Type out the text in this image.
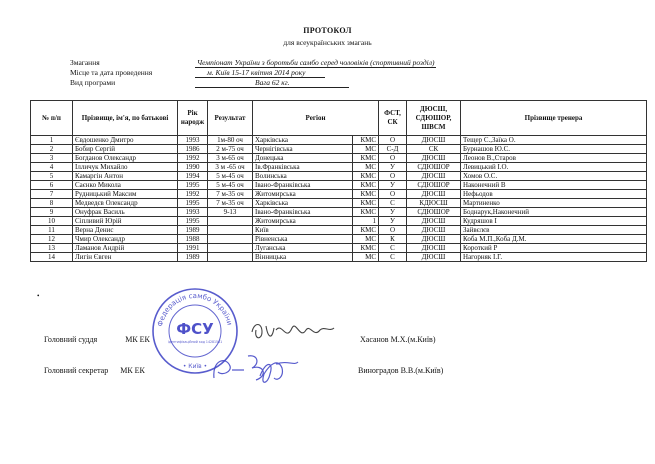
ПРОТОКОЛ
для всеукраїнських змагань
Змагання	Чемпіонат України з боротьби самбо серед чоловіків (спортивний розділ)
Місце та дата проведення	м. Київ 15-17 квітня 2014 року
Вид програми	Вага 62 кг.
№ п/п	Прізвище, ім'я, по батькові	Рік народж	Результат	Регіон		ФСТ, СК	ДЮСШ, СДЮШОР, ШВСМ	Прізвище тренера
1	Євдошенко Дмитро	1993	1м-80 оч	Харківська	КМС	О	ДЮСШ	Тещер С.,Заїка О.
2	Бобир Сергій	1986	2 м-75 оч	Чернігівська	МС	С-Д	СК	Бурнашов Ю.С.
3	Богданов Олександр	1992	3 м-65 оч	Донецька	КМС	О	ДЮСШ	Леонов В.,Старов
4	Ілличук Михайло	1990	3 м -65 оч	Ів.Франківська	МС	У	СДЮШОР	Левицький І.О.
5	Камаргін Антон	1994	5 м-45 оч	Волинська	КМС	О	ДЮСШ	Хомов О.С.
6	Саєнко Микола	1995	5 м-45 оч	Івано-Франківська	КМС	У	СДЮШОР	Наконечний В
7	Рудницький Максим	1992	7 м-35 оч	Житомирська	КМС	О	ДЮСШ	Нефьодов
8	Медведєв Олександр	1995	7 м-35 оч	Харківська	КМС	С	КДЮСШ	Мартиненко
9	Онуфрак Василь	1993	9-13	Івано-Франківська	КМС	У	СДЮШОР	Боднарук,Наконечний
10	Сіпливий Юрій	1995		Житомирська	1	У	ДЮСШ	Кудряшов І
11	Верна Денис	1989		Київ	КМС	О	ДЮСШ	Зайвєлєв
12	Чмир Олександр	1988		Рівненська	МС	К	ДЮСШ	Коба М.П.,Коба Д.М.
13	Ламанов Андрій	1991		Луганська	КМС	С	ДЮСШ	Короткий Р
14	Лигін Євген	1989		Вінницька	МС	С	ДЮСШ	Нагорняк І.Г.
•
Федерація самбо України
ФСУ
Ідентифікаційний код 14281561
• Київ •
Головний суддя	МК ЕК	Хасанов М.Х.(м.Київ)
Головний секретар МК ЕК	Виноградов В.В.(м.Київ)
